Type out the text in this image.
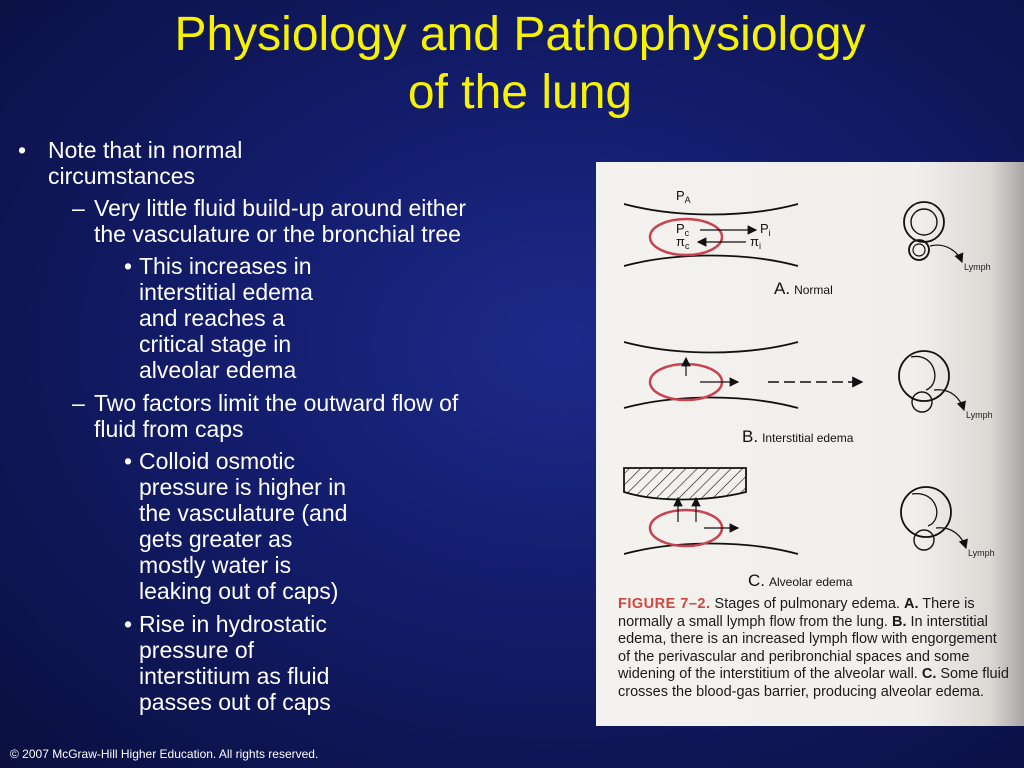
Physiology and Pathophysiology
of the lung
• Note that in normal circumstances
– Very little fluid build-up around either the vasculature or the bronchial tree
• This increases in interstitial edema and reaches a critical stage in alveolar edema
– Two factors limit the outward flow of fluid from caps
• Colloid osmotic pressure is higher in the vasculature (and gets greater as mostly water is leaking out of caps)
• Rise in hydrostatic pressure of interstitium as fluid passes out of caps
$P_A$
$P_c$
$\pi_c$
$P_i$
$\pi_i$
Lymph
Lymph
Lymph
A. Normal
B. Interstitial edema
C. Alveolar edema
FIGURE 7–2. Stages of pulmonary edema. A. There is normally a small lymph flow from the lung. B. In interstitial edema, there is an increased lymph flow with engorgement of the perivascular and peribronchial spaces and some widening of the interstitium of the alveolar wall. C. Some fluid crosses the blood-gas barrier, producing alveolar edema.
© 2007 McGraw-Hill Higher Education. All rights reserved.
